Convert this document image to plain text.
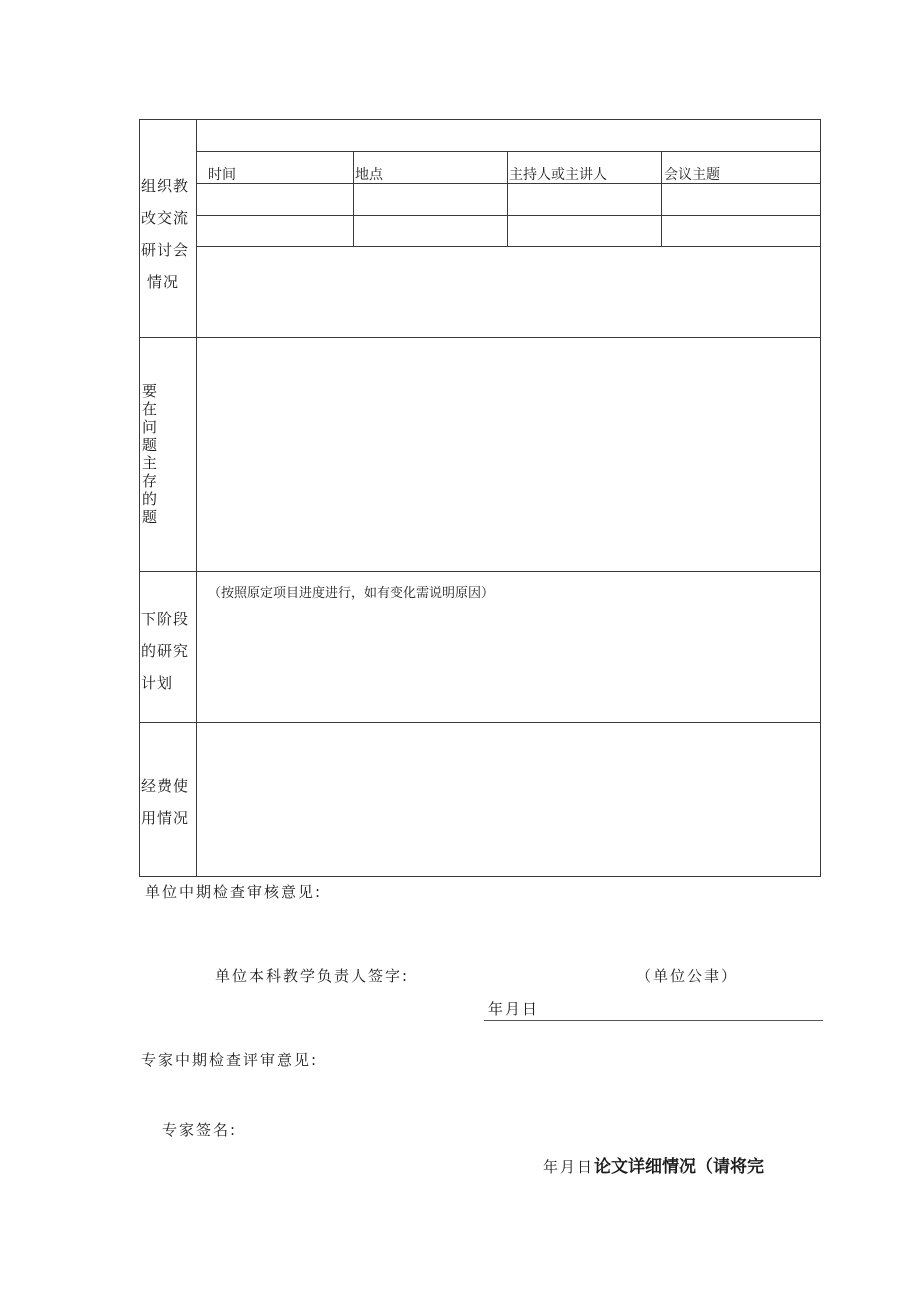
组织教
改交流
研讨会
情况
时间	地点	主持人或主讲人	会议主题
要
在
问
题
主
存
的
题
下阶段
的研究
计划
（按照原定项目进度进行，如有变化需说明原因）
经费使
用情况
单位中期检查审核意见:
单位本科教学负责人签字:	（单位公聿）
年月日
专家中期检查评审意见:
专家签名:
年月日论文详细情况（请将完
